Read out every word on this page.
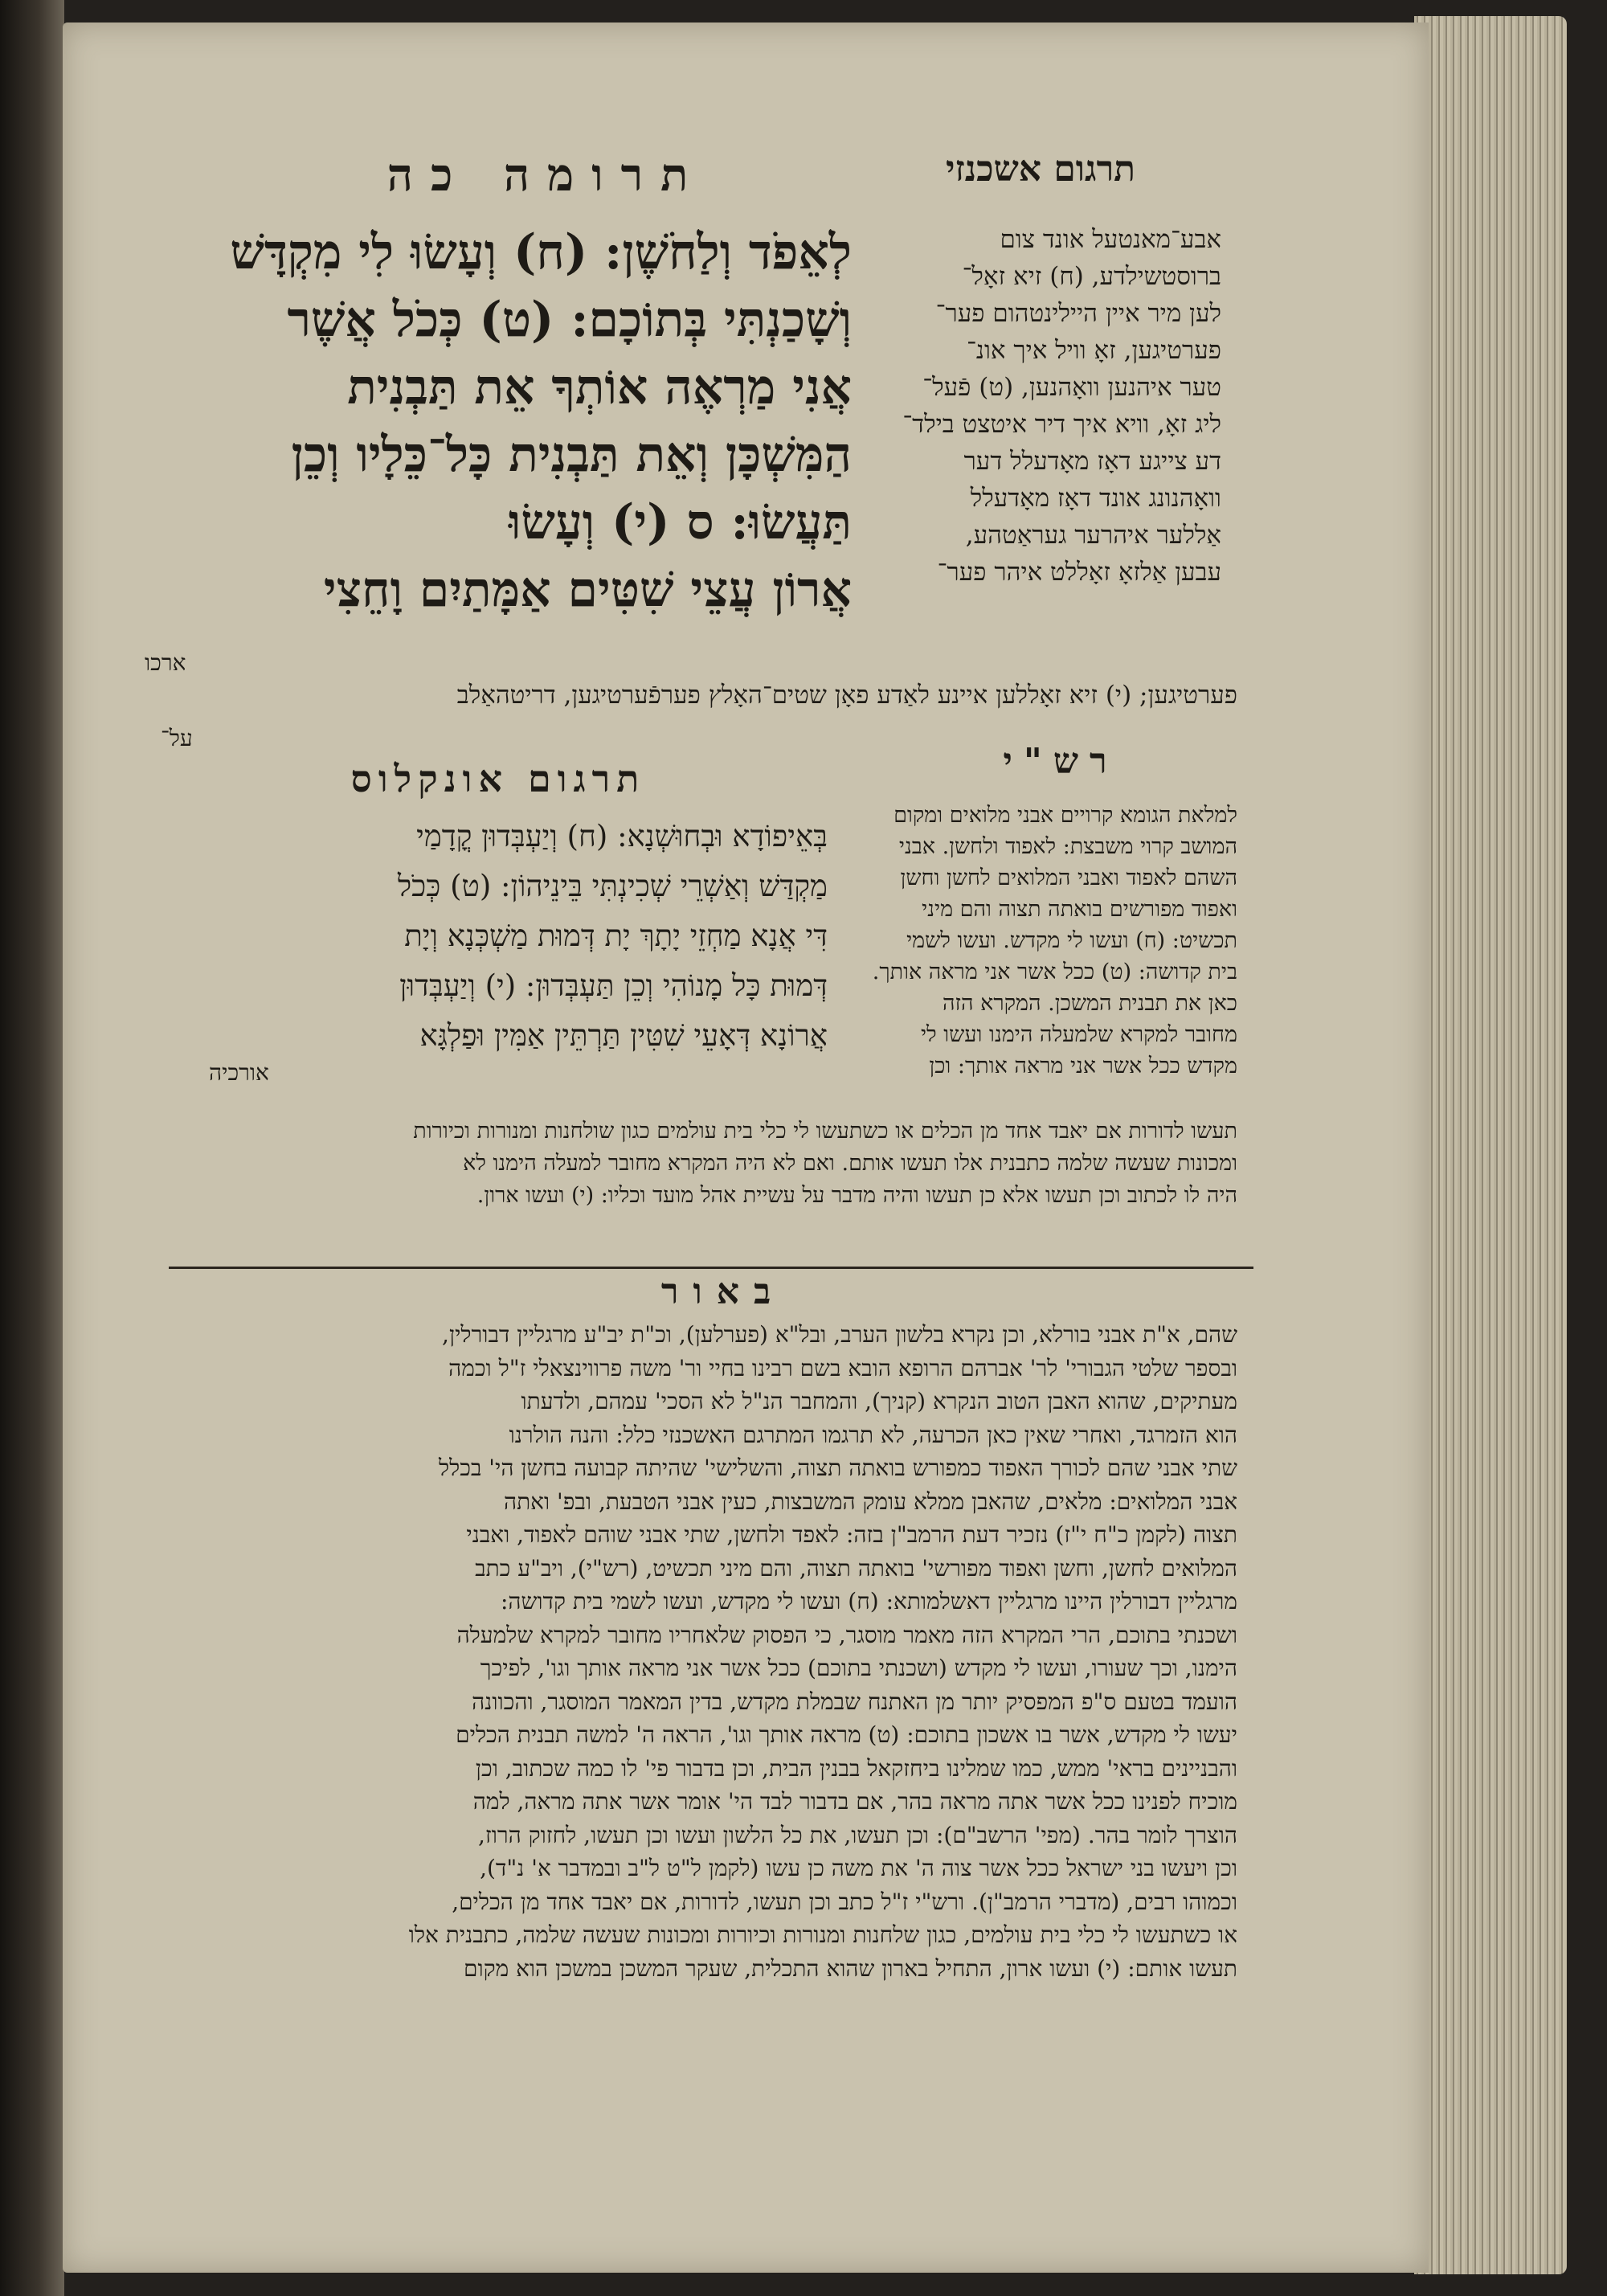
תרגום אשכנזי
תרומה כה
לְאֵפֹד וְלַחֹשֶׁן: (ח) וְעָשׂוּ לִי מִקְדָּשׁ
וְשָׁכַנְתִּי בְּתוֹכָם: (ט) כְּכֹל אֲשֶׁר
אֲנִי מַרְאֶה אוֹתְךָ אֵת תַּבְנִית
הַמִּשְׁכָּן וְאֵת תַּבְנִית כָּל־כֵּלָיו וְכֵן
תַּעֲשׂוּ: ס (י) וְעָשׂוּ
אֲרוֹן עֲצֵי שִׁטִּים אַמָּתַיִם וָחֵצִי
אבע־מאנטעל אונד צום
ברוסטשילדע, (ח) זיא זאָל־
לען מיר איין היילינטהום פער־
פערטיגען, זאָ וויל איך אונ־
טער איהנען וואָהנען, (ט) פֿעל־
ליג זאָ, וויא איך דיר איטצט בילד־
דע צייגע דאָז מאָדעלל דער
וואָהנונג אונד דאָז מאָדעלל
אַללער איהרער געראַטהע,
עבען אַלזאָ זאָללט איהר פער־
ארכו
פערטיגען; (י) זיא זאָללען איינע לאַדע פאָן שטים־האָלץ פערפֿערטיגען, דריטהאַלב
על־
רש"י
למלאת הגומא קרויים אבני מלואים ומקום
המושב קרוי משבצת: לאפוד ולחשן. אבני
השהם לאפוד ואבני המלואים לחשן וחשן
ואפוד מפורשים בואתה תצוה והם מיני
תכשיט: (ח) ועשו לי מקדש. ועשו לשמי
בית קדושה: (ט) ככל אשר אני מראה אותך.
כאן את תבנית המשכן. המקרא הזה
מחובר למקרא שלמעלה הימנו ועשו לי
מקדש ככל אשר אני מראה אותך: וכן
תרגום אונקלוס
בְּאֵיפוֹדָא וּבְחוּשְׁנָא: (ח) וְיַעְבְּדוּן קֳדָמַי
מַקְדַּשׁ וְאַשְׁרֵי שְׁכִינְתִּי בֵּינֵיהוֹן: (ט) כְּכֹל
דִּי אֲנָא מַחְזֵי יָתָךְ יָת דְּמוּת מַשְׁכְּנָא וְיָת
דְּמוּת כָּל מָנוֹהִי וְכֵן תַּעְבְּדוּן: (י) וְיַעְבְּדוּן
אֲרוֹנָא דְּאָעֵי שִׁטִּין תַּרְתֵּין אַמִּין וּפַלְגָּא
אורכיה
תעשו לדורות אם יאבד אחד מן הכלים או כשתעשו לי כלי בית עולמים כגון שולחנות ומנורות וכיורות
ומכונות שעשה שלמה כתבנית אלו תעשו אותם. ואם לא היה המקרא מחובר למעלה הימנו לא
היה לו לכתוב וכן תעשו אלא כן תעשו והיה מדבר על עשיית אהל מועד וכליו: (י) ועשו ארון.
באור
שהם, א"ת אבני בורלא, וכן נקרא בלשון הערב, ובל"א (פערלען), וכ"ת יב"ע מרגליין דבורלין,
ובספר שלטי הגבורי' לר' אברהם הרופא הובא בשם רבינו בחיי ור' משה פרווינצאלי ז"ל וכמה
מעתיקים, שהוא האבן הטוב הנקרא (קניך), והמחבר הנ"ל לא הסכי' עמהם, ולדעתו
הוא הזמרגד, ואחרי שאין כאן הכרעה, לא תרגמו המתרגם האשכנזי כלל: והנה הולרנו
שתי אבני שהם לכורך האפוד כמפורש בואתה תצוה, והשלישי' שהיתה קבועה בחשן הי' בכלל
אבני המלואים: מלאים, שהאבן ממלא עומק המשבצות, כעין אבני הטבעת, ובפ' ואתה
תצוה (לקמן כ"ח י"ז) נזכיר דעת הרמב"ן בזה: לאפד ולחשן, שתי אבני שוהם לאפוד, ואבני
המלואים לחשן, וחשן ואפוד מפורשי' בואתה תצוה, והם מיני תכשיט, (רש"י), ויב"ע כתב
מרגליין דבורלין היינו מרגליין דאשלמותא: (ח) ועשו לי מקדש, ועשו לשמי בית קדושה:
ושכנתי בתוכם, הרי המקרא הזה מאמר מוסגר, כי הפסוק שלאחריו מחובר למקרא שלמעלה
הימנו, וכך שעורו, ועשו לי מקדש (ושכנתי בתוכם) ככל אשר אני מראה אותך וגו', לפיכך
הועמד בטעם ס"פ המפסיק יותר מן האתנח שבמלת מקדש, בדין המאמר המוסגר, והכוונה
יעשו לי מקדש, אשר בו אשכון בתוכם: (ט) מראה אותך וגו', הראה ה' למשה תבנית הכלים
והבניינים בראי' ממש, כמו שמלינו ביחזקאל בבנין הבית, וכן בדבור פי' לו כמה שכתוב, וכן
מוכיח לפנינו ככל אשר אתה מראה בהר, אם בדבור לבד הי' אומר אשר אתה מראה, למה
הוצרך לומר בהר. (מפי' הרשב"ם): וכן תעשו, את כל הלשון ועשו וכן תעשו, לחזוק הרוז,
וכן ויעשו בני ישראל ככל אשר צוה ה' את משה כן עשו (לקמן ל"ט ל"ב ובמדבר א' נ"ד),
וכמוהו רבים, (מדברי הרמב"ן). ורש"י ז"ל כתב וכן תעשו, לדורות, אם יאבד אחד מן הכלים,
או כשתעשו לי כלי בית עולמים, כגון שלחנות ומנורות וכיורות ומכונות שעשה שלמה, כתבנית אלו
תעשו אותם: (י) ועשו ארון, התחיל בארון שהוא התכלית, שעקר המשכן במשכן הוא מקום
